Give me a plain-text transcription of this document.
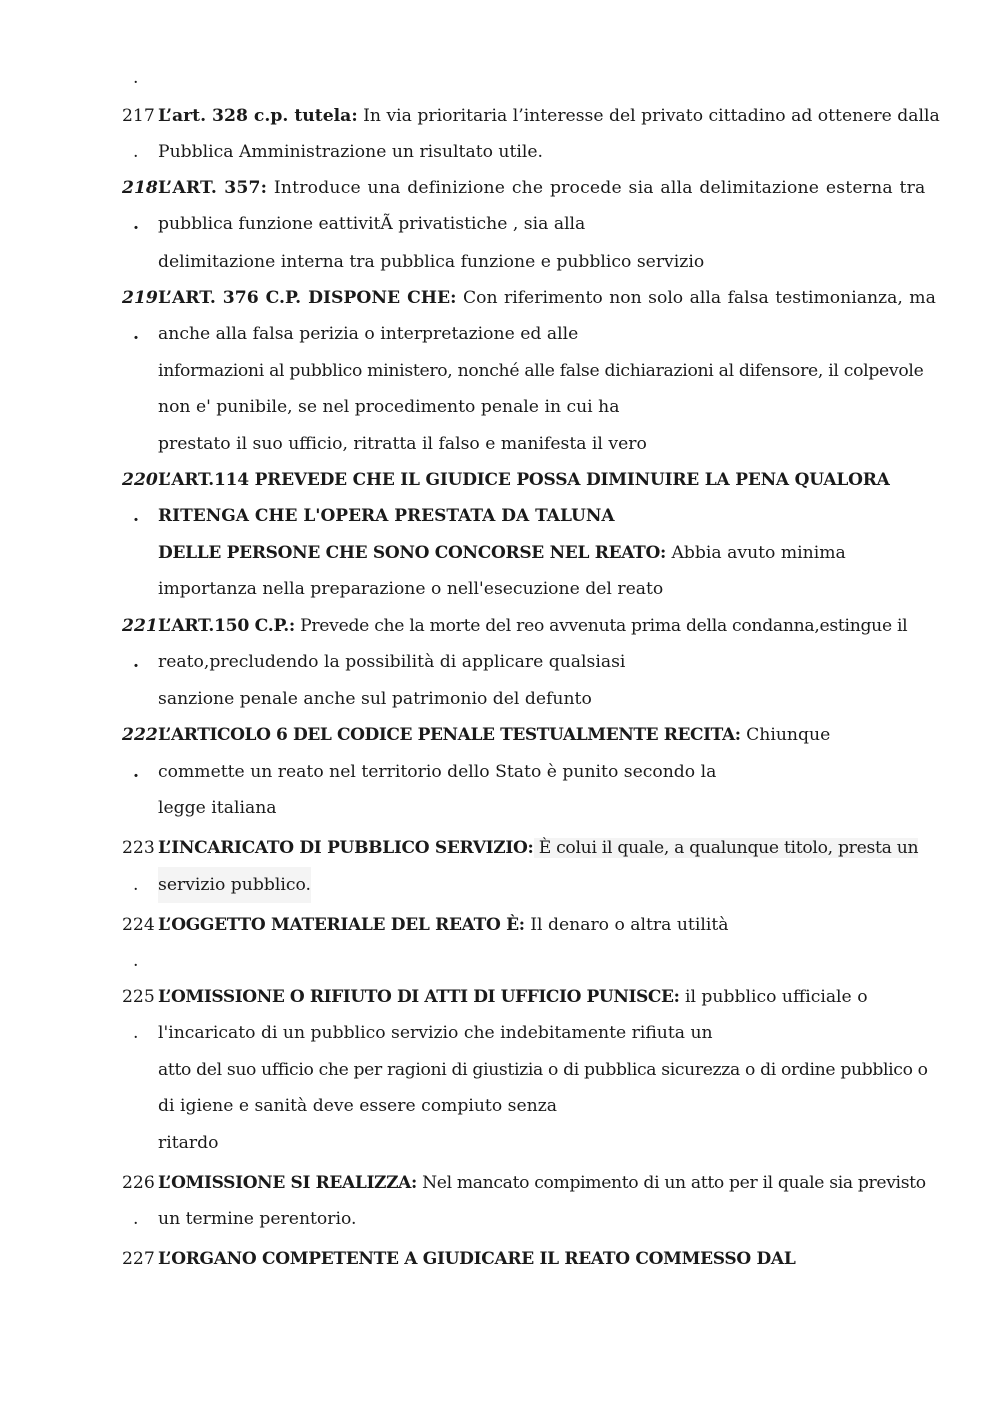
.
217 L’art. 328 c.p. tutela: In via prioritaria l’interesse del privato cittadino ad ottenere dalla
. Pubblica Amministrazione un risultato utile.
218 L’ART. 357: Introduce una definizione che procede sia alla delimitazione esterna tra
. pubblica funzione eattivitÃ privatistiche , sia alla
delimitazione interna tra pubblica funzione e pubblico servizio
219 L’ART. 376 C.P. DISPONE CHE: Con riferimento non solo alla falsa testimonianza, ma
. anche alla falsa perizia o interpretazione ed alle
informazioni al pubblico ministero, nonché alle false dichiarazioni al difensore, il colpevole
non e' punibile, se nel procedimento penale in cui ha
prestato il suo ufficio, ritratta il falso e manifesta il vero
220 L’ART.114 PREVEDE CHE IL GIUDICE POSSA DIMINUIRE LA PENA QUALORA
. RITENGA CHE L'OPERA PRESTATA DA TALUNA
DELLE PERSONE CHE SONO CONCORSE NEL REATO: Abbia avuto minima
importanza nella preparazione o nell'esecuzione del reato
221 L’ART.150 C.P.: Prevede che la morte del reo avvenuta prima della condanna,estingue il
. reato,precludendo la possibilità di applicare qualsiasi
sanzione penale anche sul patrimonio del defunto
222 L’ARTICOLO 6 DEL CODICE PENALE TESTUALMENTE RECITA: Chiunque
. commette un reato nel territorio dello Stato è punito secondo la
legge italiana
223 L’INCARICATO DI PUBBLICO SERVIZIO: È colui il quale, a qualunque titolo, presta un
. servizio pubblico.
224 L’OGGETTO MATERIALE DEL REATO È: Il denaro o altra utilità
.
225 L’OMISSIONE O RIFIUTO DI ATTI DI UFFICIO PUNISCE: il pubblico ufficiale o
. l'incaricato di un pubblico servizio che indebitamente rifiuta un
atto del suo ufficio che per ragioni di giustizia o di pubblica sicurezza o di ordine pubblico o
di igiene e sanità deve essere compiuto senza
ritardo
226 L’OMISSIONE SI REALIZZA: Nel mancato compimento di un atto per il quale sia previsto
. un termine perentorio.
227 L’ORGANO COMPETENTE A GIUDICARE IL REATO COMMESSO DAL
